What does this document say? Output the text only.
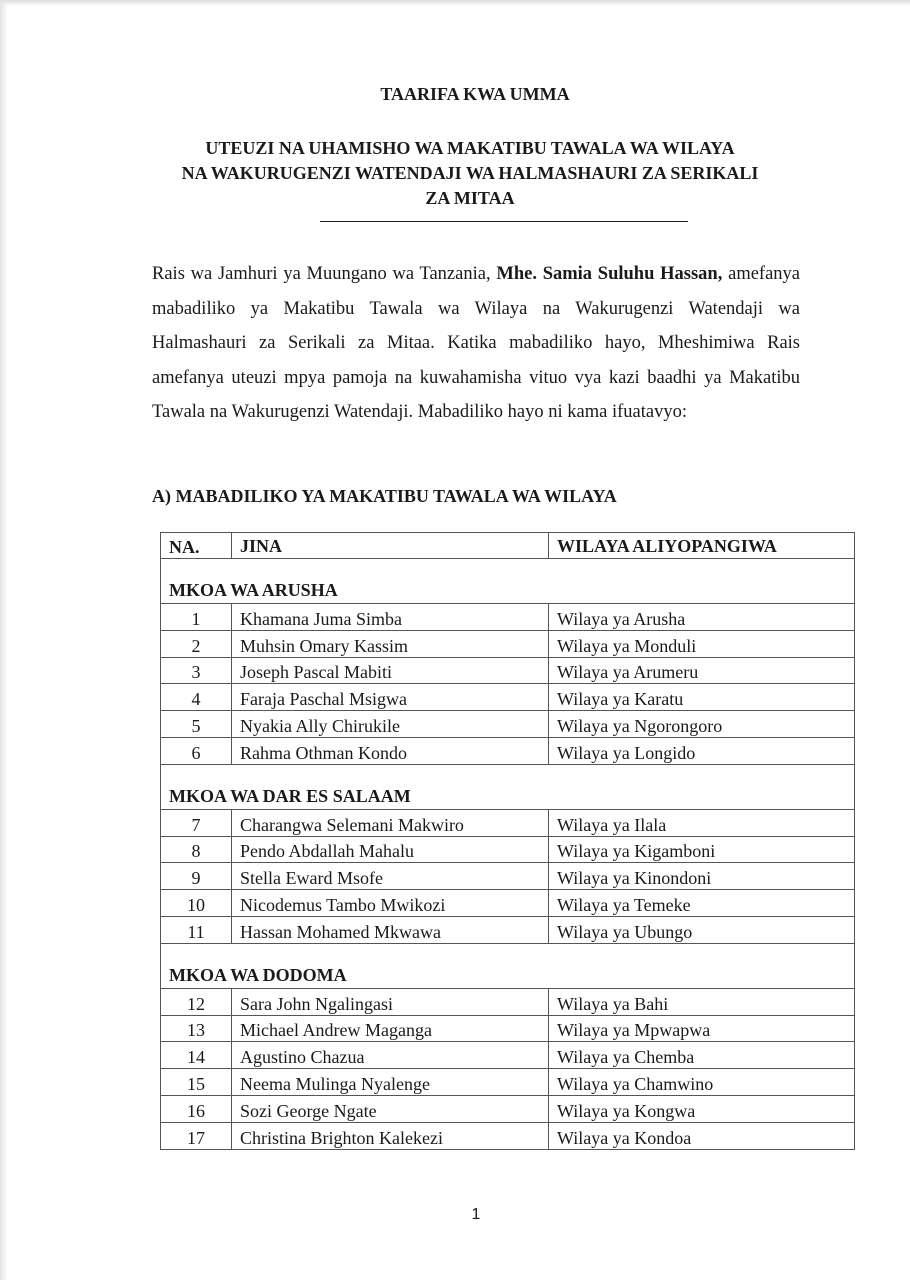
TAARIFA KWA UMMA
UTEUZI NA UHAMISHO WA MAKATIBU TAWALA WA WILAYA
NA WAKURUGENZI WATENDAJI WA HALMASHAURI ZA SERIKALI
ZA MITAA

Rais wa Jamhuri ya Muungano wa Tanzania, Mhe. Samia Suluhu Hassan, amefanya mabadiliko ya Makatibu Tawala wa Wilaya na Wakurugenzi Watendaji wa Halmashauri za Serikali za Mitaa. Katika mabadiliko hayo, Mheshimiwa Rais amefanya uteuzi mpya pamoja na kuwahamisha vituo vya kazi baadhi ya Makatibu Tawala na Wakurugenzi Watendaji. Mabadiliko hayo ni kama ifuatavyo:

A) MABADILIKO YA MAKATIBU TAWALA WA WILAYA

NA.	JINA	WILAYA ALIYOPANGIWA
MKOA WA ARUSHA		
1	Khamana Juma Simba	Wilaya ya Arusha
2	Muhsin Omary Kassim	Wilaya ya Monduli
3	Joseph Pascal Mabiti	Wilaya ya Arumeru
4	Faraja Paschal Msigwa	Wilaya ya Karatu
5	Nyakia Ally Chirukile	Wilaya ya Ngorongoro
6	Rahma Othman Kondo	Wilaya ya Longido
MKOA WA DAR ES SALAAM		
7	Charangwa Selemani Makwiro	Wilaya ya Ilala
8	Pendo Abdallah Mahalu	Wilaya ya Kigamboni
9	Stella Eward Msofe	Wilaya ya Kinondoni
10	Nicodemus Tambo Mwikozi	Wilaya ya Temeke
11	Hassan Mohamed Mkwawa	Wilaya ya Ubungo
MKOA WA DODOMA		
12	Sara John Ngalingasi	Wilaya ya Bahi
13	Michael Andrew Maganga	Wilaya ya Mpwapwa
14	Agustino Chazua	Wilaya ya Chemba
15	Neema Mulinga Nyalenge	Wilaya ya Chamwino
16	Sozi George Ngate	Wilaya ya Kongwa
17	Christina Brighton Kalekezi	Wilaya ya Kondoa
1
